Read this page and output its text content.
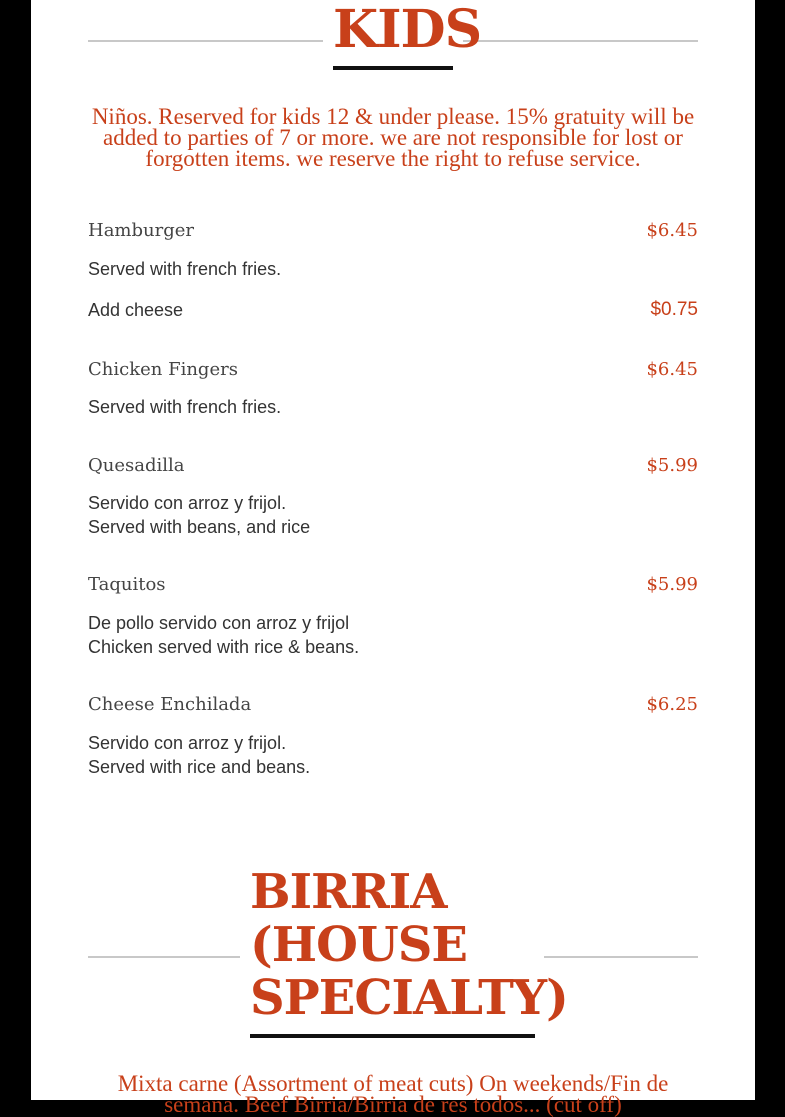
KIDS
Niños. Reserved for kids 12 & under please. 15% gratuity will be added to parties of 7 or more. we are not responsible for lost or forgotten items. we reserve the right to refuse service.
Hamburger	$6.45
Served with french fries.
Add cheese	$0.75
Chicken Fingers	$6.45
Served with french fries.
Quesadilla	$5.99
Servido con arroz y frijol.
Served with beans, and rice
Taquitos	$5.99
De pollo servido con arroz y frijol
Chicken served with rice & beans.
Cheese Enchilada	$6.25
Servido con arroz y frijol.
Served with rice and beans.
BIRRIA
(HOUSE
SPECIALTY)
Mixta carne (Assortment of meat cuts) On weekends/Fin de semana. Beef Birria/Birria de res todos... (cut off)
